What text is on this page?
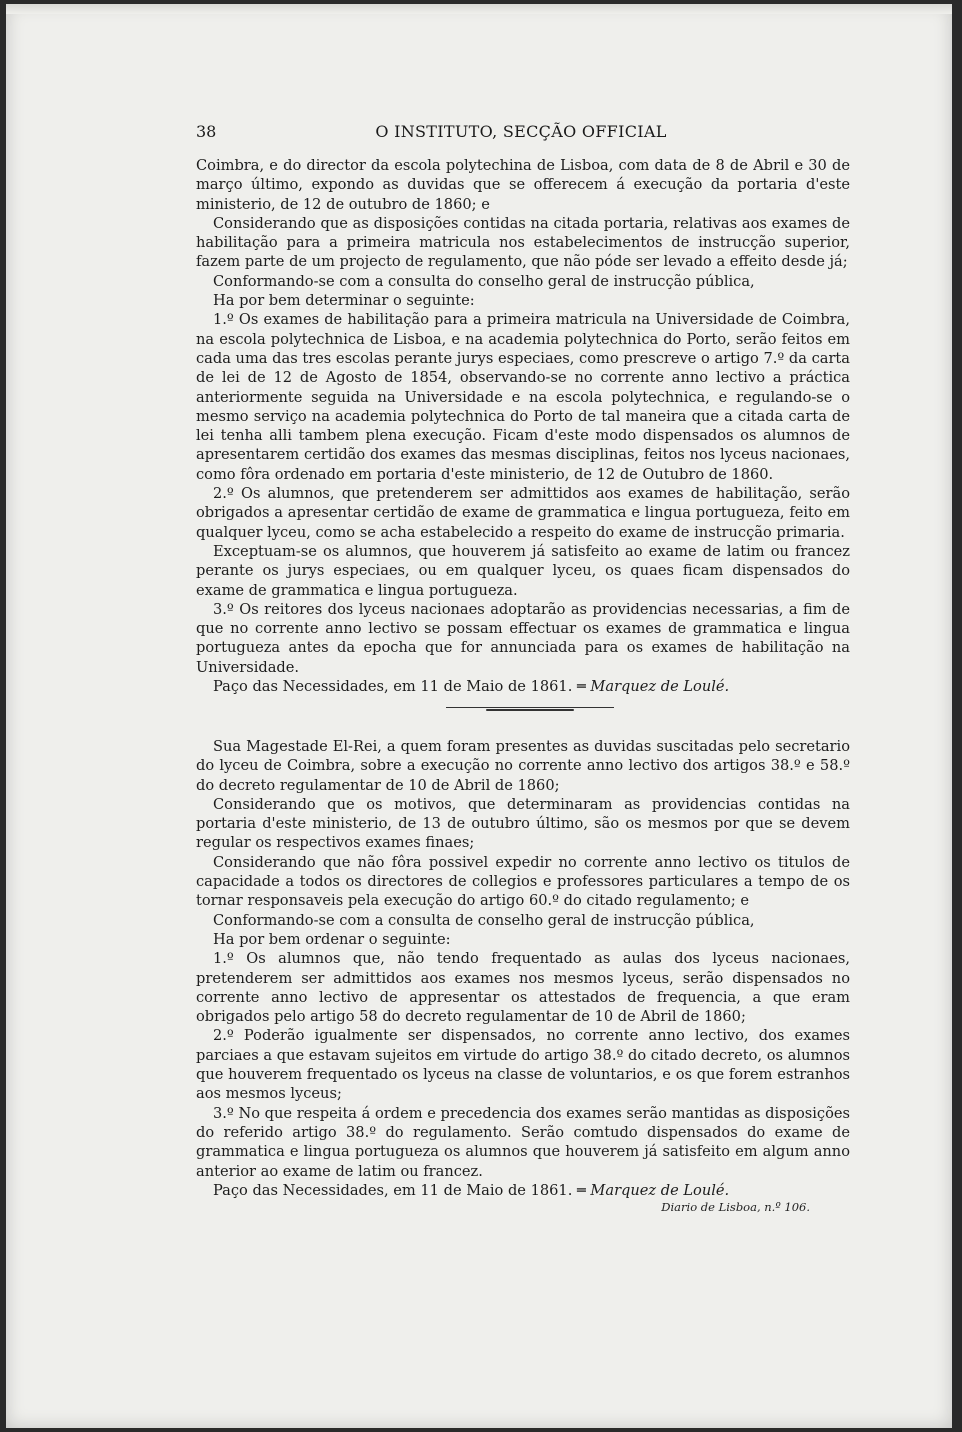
38	O INSTITUTO, SECÇÃO OFFICIAL

Coimbra, e do director da escola polytechina de Lisboa, com data de 8 de Abril e 30 de março último, expondo as duvidas que se offerecem á execução da portaria d'este ministerio, de 12 de outubro de 1860; e

Considerando que as disposições contidas na citada portaria, relativas aos exames de habilitação para a primeira matricula nos estabelecimentos de instrucção superior, fazem parte de um projecto de regulamento, que não póde ser levado a effeito desde já;

Conformando-se com a consulta do conselho geral de instrucção pública,

Ha por bem determinar o seguinte:

1.º Os exames de habilitação para a primeira matricula na Universidade de Coimbra, na escola polytechnica de Lisboa, e na academia polytechnica do Porto, serão feitos em cada uma das tres escolas perante jurys especiaes, como prescreve o artigo 7.º da carta de lei de 12 de Agosto de 1854, observando-se no corrente anno lectivo a práctica anteriormente seguida na Universidade e na escola polytechnica, e regulando-se o mesmo serviço na academia polytechnica do Porto de tal maneira que a citada carta de lei tenha alli tambem plena execução. Ficam d'este modo dispensados os alumnos de apresentarem certidão dos exames das mesmas disciplinas, feitos nos lyceus nacionaes, como fôra ordenado em portaria d'este ministerio, de 12 de Outubro de 1860.

2.º Os alumnos, que pretenderem ser admittidos aos exames de habilitação, serão obrigados a apresentar certidão de exame de grammatica e lingua portugueza, feito em qualquer lyceu, como se acha estabelecido a respeito do exame de instrucção primaria.

Exceptuam-se os alumnos, que houverem já satisfeito ao exame de latim ou francez perante os jurys especiaes, ou em qualquer lyceu, os quaes ficam dispensados do exame de grammatica e lingua portugueza.

3.º Os reitores dos lyceus nacionaes adoptarão as providencias necessarias, a fim de que no corrente anno lectivo se possam effectuar os exames de grammatica e lingua portugueza antes da epocha que for annunciada para os exames de habilitação na Universidade.

Paço das Necessidades, em 11 de Maio de 1861. ═ Marquez de Loulé.

Sua Magestade El-Rei, a quem foram presentes as duvidas suscitadas pelo secretario do lyceu de Coimbra, sobre a execução no corrente anno lectivo dos artigos 38.º e 58.º do decreto regulamentar de 10 de Abril de 1860;

Considerando que os motivos, que determinaram as providencias contidas na portaria d'este ministerio, de 13 de outubro último, são os mesmos por que se devem regular os respectivos exames finaes;

Considerando que não fôra possivel expedir no corrente anno lectivo os titulos de capacidade a todos os directores de collegios e professores particulares a tempo de os tornar responsaveis pela execução do artigo 60.º do citado regulamento; e

Conformando-se com a consulta de conselho geral de instrucção pública,

Ha por bem ordenar o seguinte:

1.º Os alumnos que, não tendo frequentado as aulas dos lyceus nacionaes, pretenderem ser admittidos aos exames nos mesmos lyceus, serão dispensados no corrente anno lectivo de appresentar os attestados de frequencia, a que eram obrigados pelo artigo 58 do decreto regulamentar de 10 de Abril de 1860;

2.º Poderão igualmente ser dispensados, no corrente anno lectivo, dos exames parciaes a que estavam sujeitos em virtude do artigo 38.º do citado decreto, os alumnos que houverem frequentado os lyceus na classe de voluntarios, e os que forem estranhos aos mesmos lyceus;

3.º No que respeita á ordem e precedencia dos exames serão mantidas as disposições do referido artigo 38.º do regulamento. Serão comtudo dispensados do exame de grammatica e lingua portugueza os alumnos que houverem já satisfeito em algum anno anterior ao exame de latim ou francez.

Paço das Necessidades, em 11 de Maio de 1861. ═ Marquez de Loulé.

Diario de Lisboa, n.º 106.
